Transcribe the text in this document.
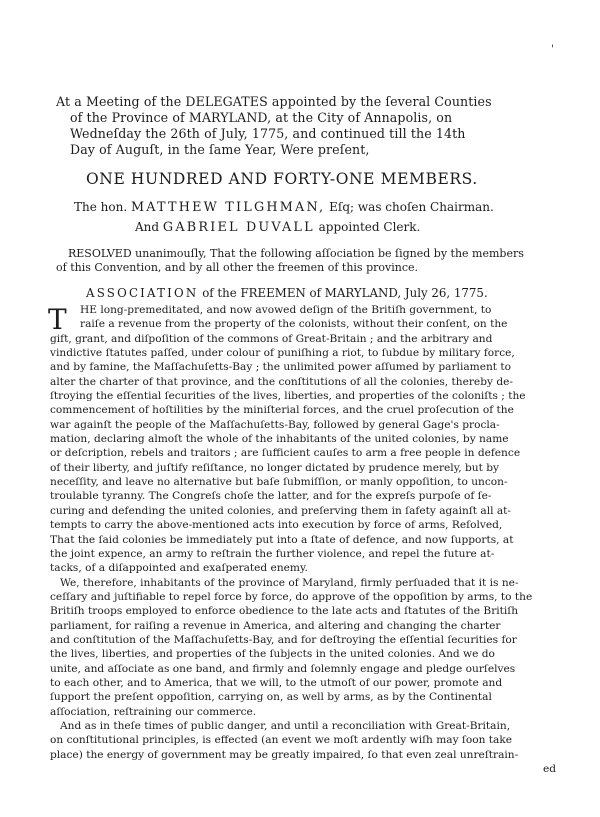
'
At a Meeting of the DELEGATES appointed by the ſeveral Counties
of the Province of MARYLAND, at the City of Annapolis, on
Wedneſday the 26th of July, 1775, and continued till the 14th
Day of Auguſt, in the ſame Year, Were preſent,
ONE HUNDRED AND FORTY-ONE MEMBERS.
The hon. MATTHEW TILGHMAN, Eſq; was choſen Chairman.
And GABRIEL DUVALL appointed Clerk.
RESOLVED unanimouſly, That the following aſſociation be ſigned by the members
of this Convention, and by all other the freemen of this province.
ASSOCIATION of the FREEMEN of MARYLAND, July 26, 1775.
T	HE long-premeditated, and now avowed deſign of the Britiſh government, to
raiſe a revenue from the property of the colonists, without their conſent, on the
gift, grant, and diſpoſition of the commons of Great-Britain ; and the arbitrary and
vindictive ſtatutes paſſed, under colour of puniſhing a riot, to ſubdue by military force,
and by famine, the Maſſachuſetts-Bay ; the unlimited power aſſumed by parliament to
alter the charter of that province, and the conſtitutions of all the colonies, thereby de-
ſtroying the eſſential ſecurities of the lives, liberties, and properties of the coloniſts ; the
commencement of hoſtilities by the miniſterial forces, and the cruel proſecution of the
war againſt the people of the Maſſachuſetts-Bay, followed by general Gage's procla-
mation, declaring almoſt the whole of the inhabitants of the united colonies, by name
or deſcription, rebels and traitors ; are ſufficient cauſes to arm a free people in defence
of their liberty, and juſtify reſiſtance, no longer dictated by prudence merely, but by
neceſſity, and leave no alternative but baſe ſubmiſſion, or manly oppoſition, to uncon-
troulable tyranny. The Congreſs choſe the latter, and for the expreſs purpoſe of ſe-
curing and defending the united colonies, and preſerving them in ſafety againſt all at-
tempts to carry the above-mentioned acts into execution by force of arms, Reſolved,
That the ſaid colonies be immediately put into a ſtate of defence, and now ſupports, at
the joint expence, an army to reſtrain the further violence, and repel the future at-
tacks, of a diſappointed and exaſperated enemy.
We, therefore, inhabitants of the province of Maryland, firmly perſuaded that it is ne-
ceſſary and juſtifiable to repel force by force, do approve of the oppoſition by arms, to the
Britiſh troops employed to enforce obedience to the late acts and ſtatutes of the Britiſh
parliament, for raiſing a revenue in America, and altering and changing the charter
and conſtitution of the Maſſachuſetts-Bay, and for deſtroying the eſſential ſecurities for
the lives, liberties, and properties of the ſubjects in the united colonies. And we do
unite, and aſſociate as one band, and firmly and ſolemnly engage and pledge ourſelves
to each other, and to America, that we will, to the utmoſt of our power, promote and
ſupport the preſent oppoſition, carrying on, as well by arms, as by the Continental
aſſociation, reſtraining our commerce.
And as in theſe times of public danger, and until a reconciliation with Great-Britain,
on conſtitutional principles, is effected (an event we moſt ardently wiſh may ſoon take
place) the energy of government may be greatly impaired, ſo that even zeal unreſtrain-
ed
